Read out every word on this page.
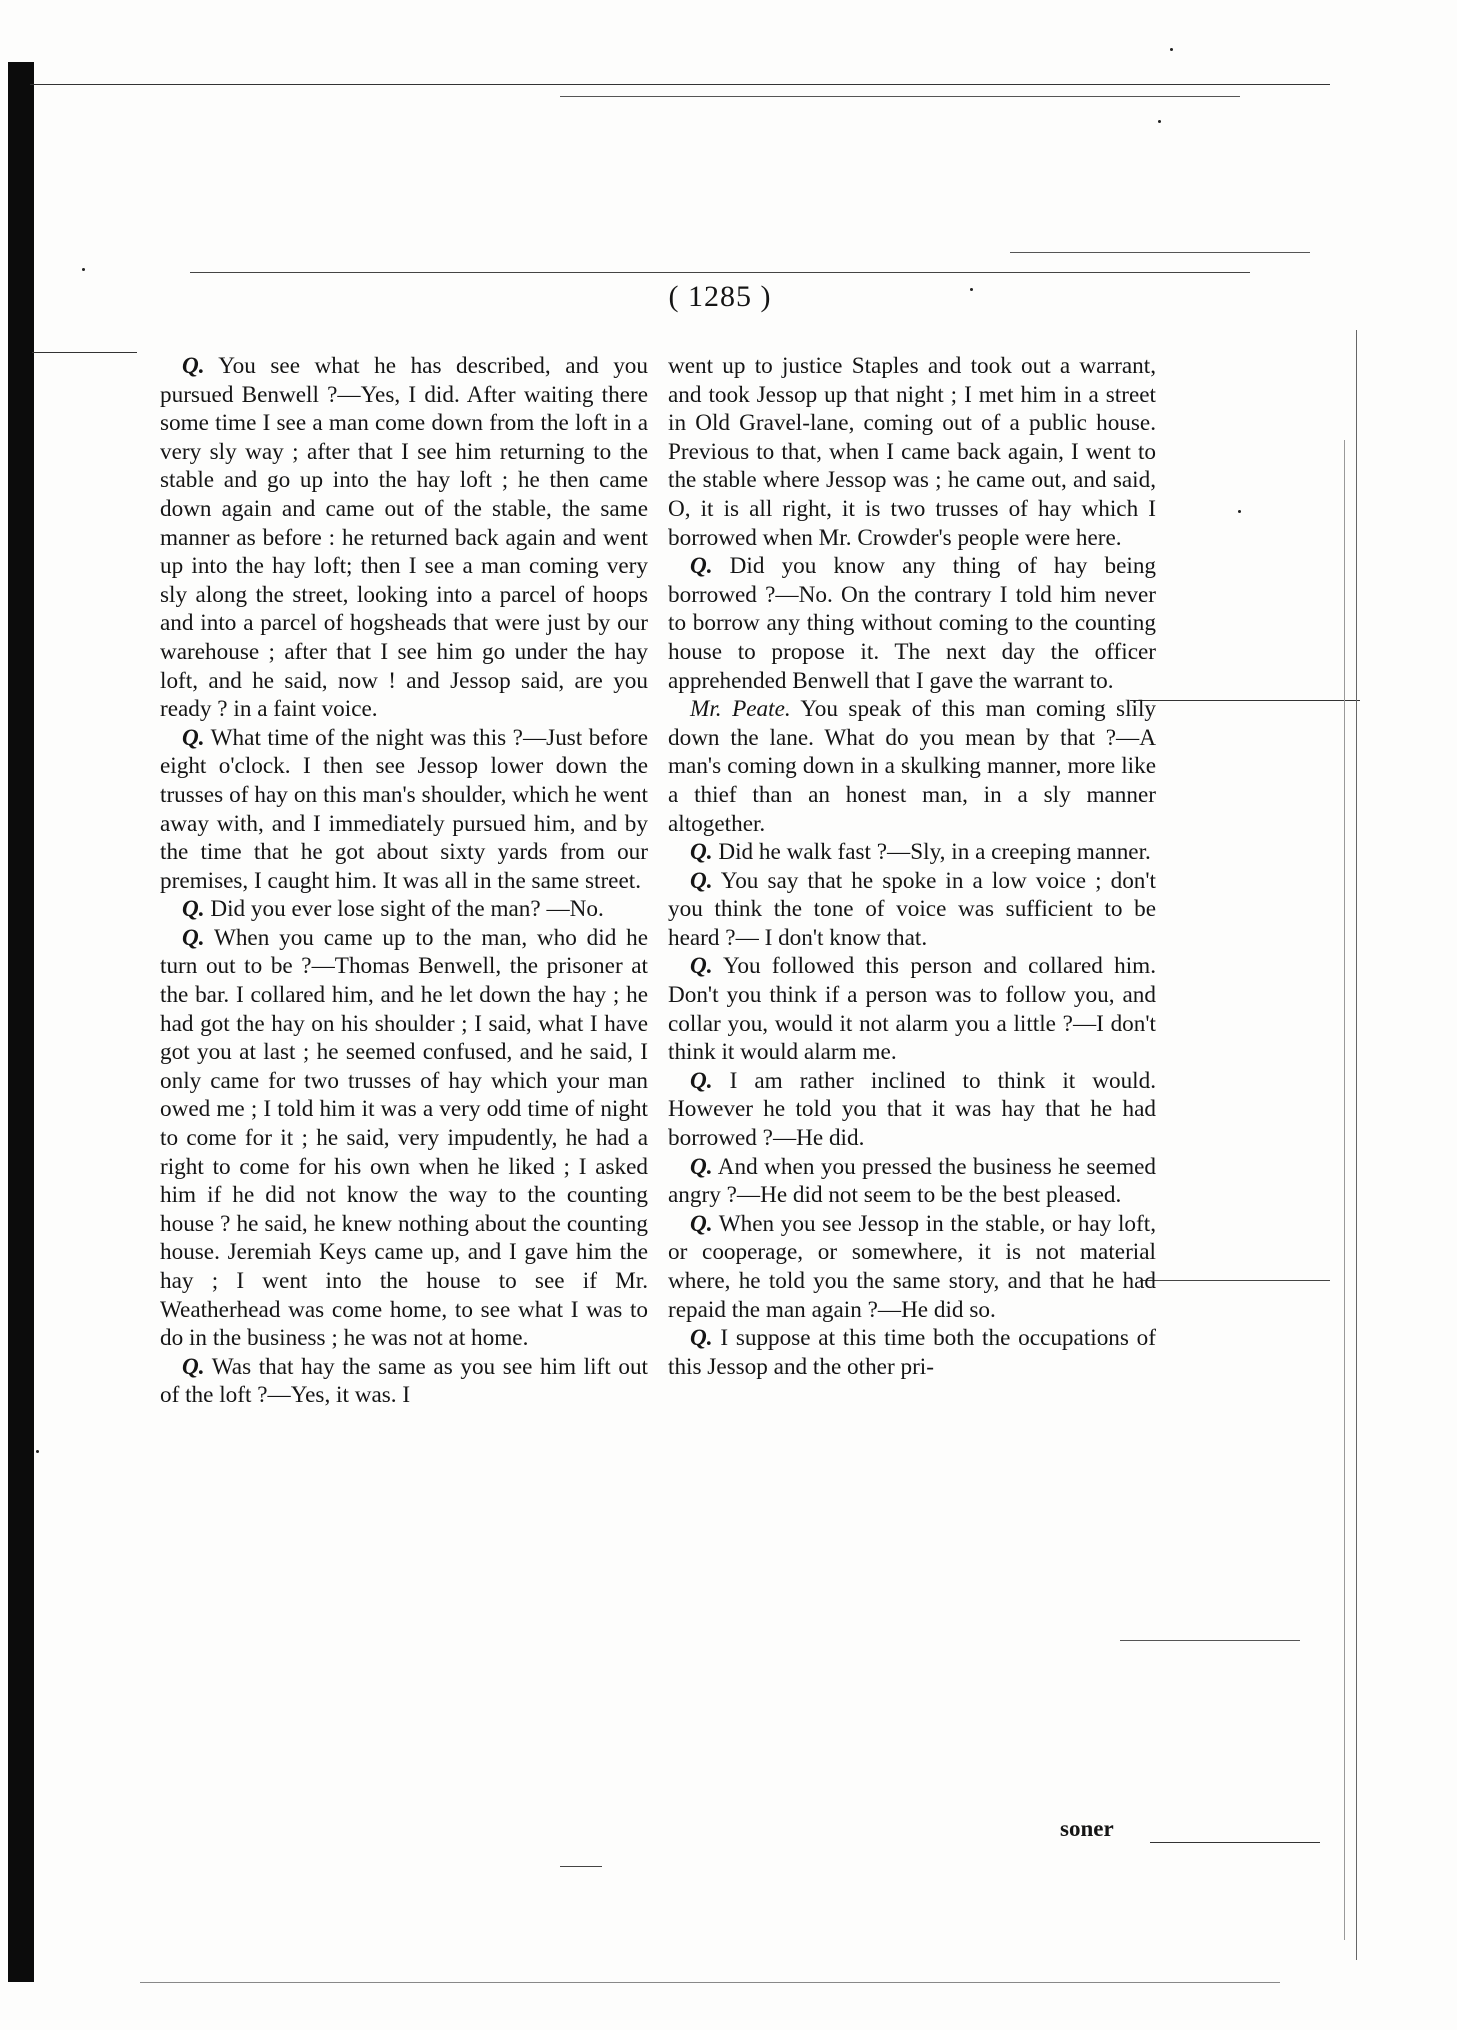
( 1285 )

Q. You see what he has described, and you pursued Benwell ?—Yes, I did. After waiting there some time I see a man come down from the loft in a very sly way ; after that I see him returning to the stable and go up into the hay loft ; he then came down again and came out of the stable, the same manner as before : he returned back again and went up into the hay loft; then I see a man coming very sly along the street, looking into a parcel of hoops and into a parcel of hogsheads that were just by our warehouse ; after that I see him go under the hay loft, and he said, now ! and Jessop said, are you ready ? in a faint voice.

Q. What time of the night was this ?—Just before eight o'clock. I then see Jessop lower down the trusses of hay on this man's shoulder, which he went away with, and I immediately pursued him, and by the time that he got about sixty yards from our premises, I caught him. It was all in the same street.

Q. Did you ever lose sight of the man? —No.

Q. When you came up to the man, who did he turn out to be ?—Thomas Benwell, the prisoner at the bar. I collared him, and he let down the hay ; he had got the hay on his shoulder ; I said, what I have got you at last ; he seemed confused, and he said, I only came for two trusses of hay which your man owed me ; I told him it was a very odd time of night to come for it ; he said, very impudently, he had a right to come for his own when he liked ; I asked him if he did not know the way to the counting house ? he said, he knew nothing about the counting house. Jeremiah Keys came up, and I gave him the hay ; I went into the house to see if Mr. Weatherhead was come home, to see what I was to do in the business ; he was not at home.

Q. Was that hay the same as you see him lift out of the loft ?—Yes, it was. I

went up to justice Staples and took out a warrant, and took Jessop up that night ; I met him in a street in Old Gravel-lane, coming out of a public house. Previous to that, when I came back again, I went to the stable where Jessop was ; he came out, and said, O, it is all right, it is two trusses of hay which I borrowed when Mr. Crowder's people were here.

Q. Did you know any thing of hay being borrowed ?—No. On the contrary I told him never to borrow any thing without coming to the counting house to propose it. The next day the officer apprehended Benwell that I gave the warrant to.

Mr. Peate. You speak of this man coming slily down the lane. What do you mean by that ?—A man's coming down in a skulking manner, more like a thief than an honest man, in a sly manner altogether.

Q. Did he walk fast ?—Sly, in a creeping manner.

Q. You say that he spoke in a low voice ; don't you think the tone of voice was sufficient to be heard ?— I don't know that.

Q. You followed this person and collared him. Don't you think if a person was to follow you, and collar you, would it not alarm you a little ?—I don't think it would alarm me.

Q. I am rather inclined to think it would. However he told you that it was hay that he had borrowed ?—He did.

Q. And when you pressed the business he seemed angry ?—He did not seem to be the best pleased.

Q. When you see Jessop in the stable, or hay loft, or cooperage, or somewhere, it is not material where, he told you the same story, and that he had repaid the man again ?—He did so.

Q. I suppose at this time both the occupations of this Jessop and the other pri-

soner
